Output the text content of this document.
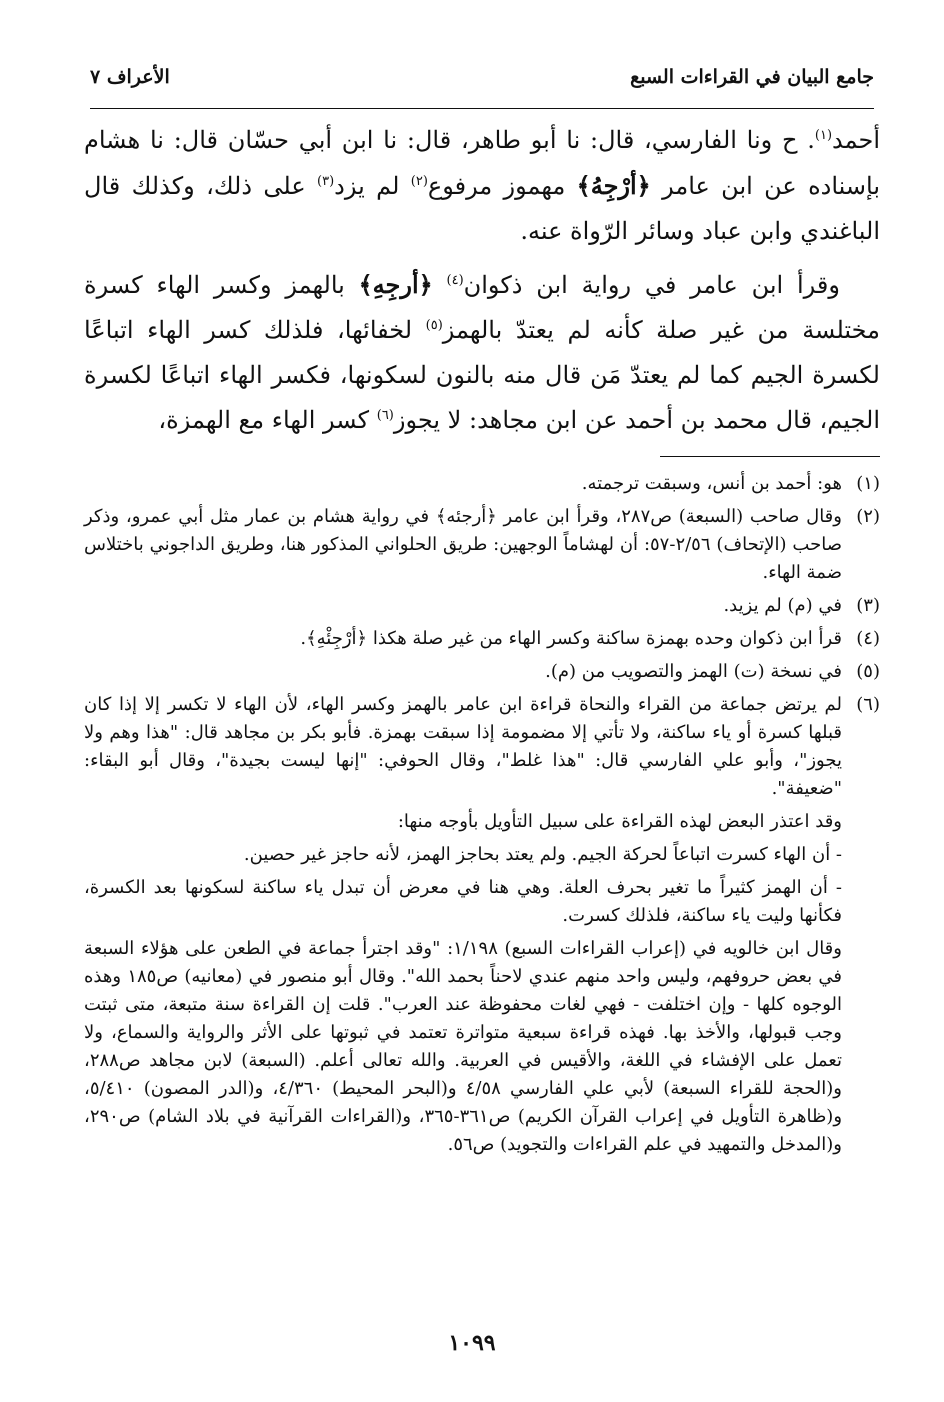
جامع البيان في القراءات السبع
الأعراف ٧

أحمد$^{(١)}$. ح ونا الفارسي، قال: نا أبو طاهر، قال: نا ابن أبي حسّان قال: نا هشام بإسناده عن ابن عامر ﴿أرْجِهُ﴾ مهموز مرفوع$^{(٢)}$ لم يزد$^{(٣)}$ على ذلك، وكذلك قال الباغندي وابن عباد وسائر الرّواة عنه.

وقرأ ابن عامر في رواية ابن ذكوان$^{(٤)}$ ﴿أرجِهِ﴾ بالهمز وكسر الهاء كسرة مختلسة من غير صلة كأنه لم يعتدّ بالهمز$^{(٥)}$ لخفائها، فلذلك كسر الهاء اتباعًا لكسرة الجيم كما لم يعتدّ مَن قال منه بالنون لسكونها، فكسر الهاء اتباعًا لكسرة الجيم، قال محمد بن أحمد عن ابن مجاهد: لا يجوز$^{(٦)}$ كسر الهاء مع الهمزة،

(١)
هو: أحمد بن أنس، وسبقت ترجمته.
(٢)
وقال صاحب (السبعة) ص٢٨٧، وقرأ ابن عامر ﴿أرجئه﴾ في رواية هشام بن عمار مثل أبي عمرو، وذكر صاحب (الإتحاف) ٢/٥٦-٥٧: أن لهشاماً الوجهين: طريق الحلواني المذكور هنا، وطريق الداجوني باختلاس ضمة الهاء.
(٣)
في (م) لم يزيد.
(٤)
قرأ ابن ذكوان وحده بهمزة ساكنة وكسر الهاء من غير صلة هكذا ﴿أرْجِئْهِ﴾.
(٥)
في نسخة (ت) الهمز والتصويب من (م).
(٦)
لم يرتض جماعة من القراء والنحاة قراءة ابن عامر بالهمز وكسر الهاء، لأن الهاء لا تكسر إلا إذا كان قبلها كسرة أو ياء ساكنة، ولا تأتي إلا مضمومة إذا سبقت بهمزة. فأبو بكر بن مجاهد قال: "هذا وهم ولا يجوز"، وأبو علي الفارسي قال: "هذا غلط"، وقال الحوفي: "إنها ليست بجيدة"، وقال أبو البقاء: "ضعيفة".
وقد اعتذر البعض لهذه القراءة على سبيل التأويل بأوجه منها:
- أن الهاء كسرت اتباعاً لحركة الجيم. ولم يعتد بحاجز الهمز، لأنه حاجز غير حصين.
- أن الهمز كثيراً ما تغير بحرف العلة. وهي هنا في معرض أن تبدل ياء ساكنة لسكونها بعد الكسرة، فكأنها وليت ياء ساكنة، فلذلك كسرت.
وقال ابن خالويه في (إعراب القراءات السبع) ١/١٩٨: "وقد اجترأ جماعة في الطعن على هؤلاء السبعة في بعض حروفهم، وليس واحد منهم عندي لاحناً بحمد الله". وقال أبو منصور في (معانيه) ص١٨٥ وهذه الوجوه كلها - وإن اختلفت - فهي لغات محفوظة عند العرب". قلت إن القراءة سنة متبعة، متى ثبتت وجب قبولها، والأخذ بها. فهذه قراءة سبعية متواترة تعتمد في ثبوتها على الأثر والرواية والسماع، ولا تعمل على الإفشاء في اللغة، والأقيس في العربية. والله تعالى أعلم. (السبعة) لابن مجاهد ص٢٨٨، و(الحجة للقراء السبعة) لأبي علي الفارسي ٤/٥٨ و(البحر المحيط) ٤/٣٦٠، و(الدر المصون) ٥/٤١٠، و(ظاهرة التأويل في إعراب القرآن الكريم) ص٣٦١-٣٦٥، و(القراءات القرآنية في بلاد الشام) ص٢٩٠، و(المدخل والتمهيد في علم القراءات والتجويد) ص٥٦.
١٠٩٩
